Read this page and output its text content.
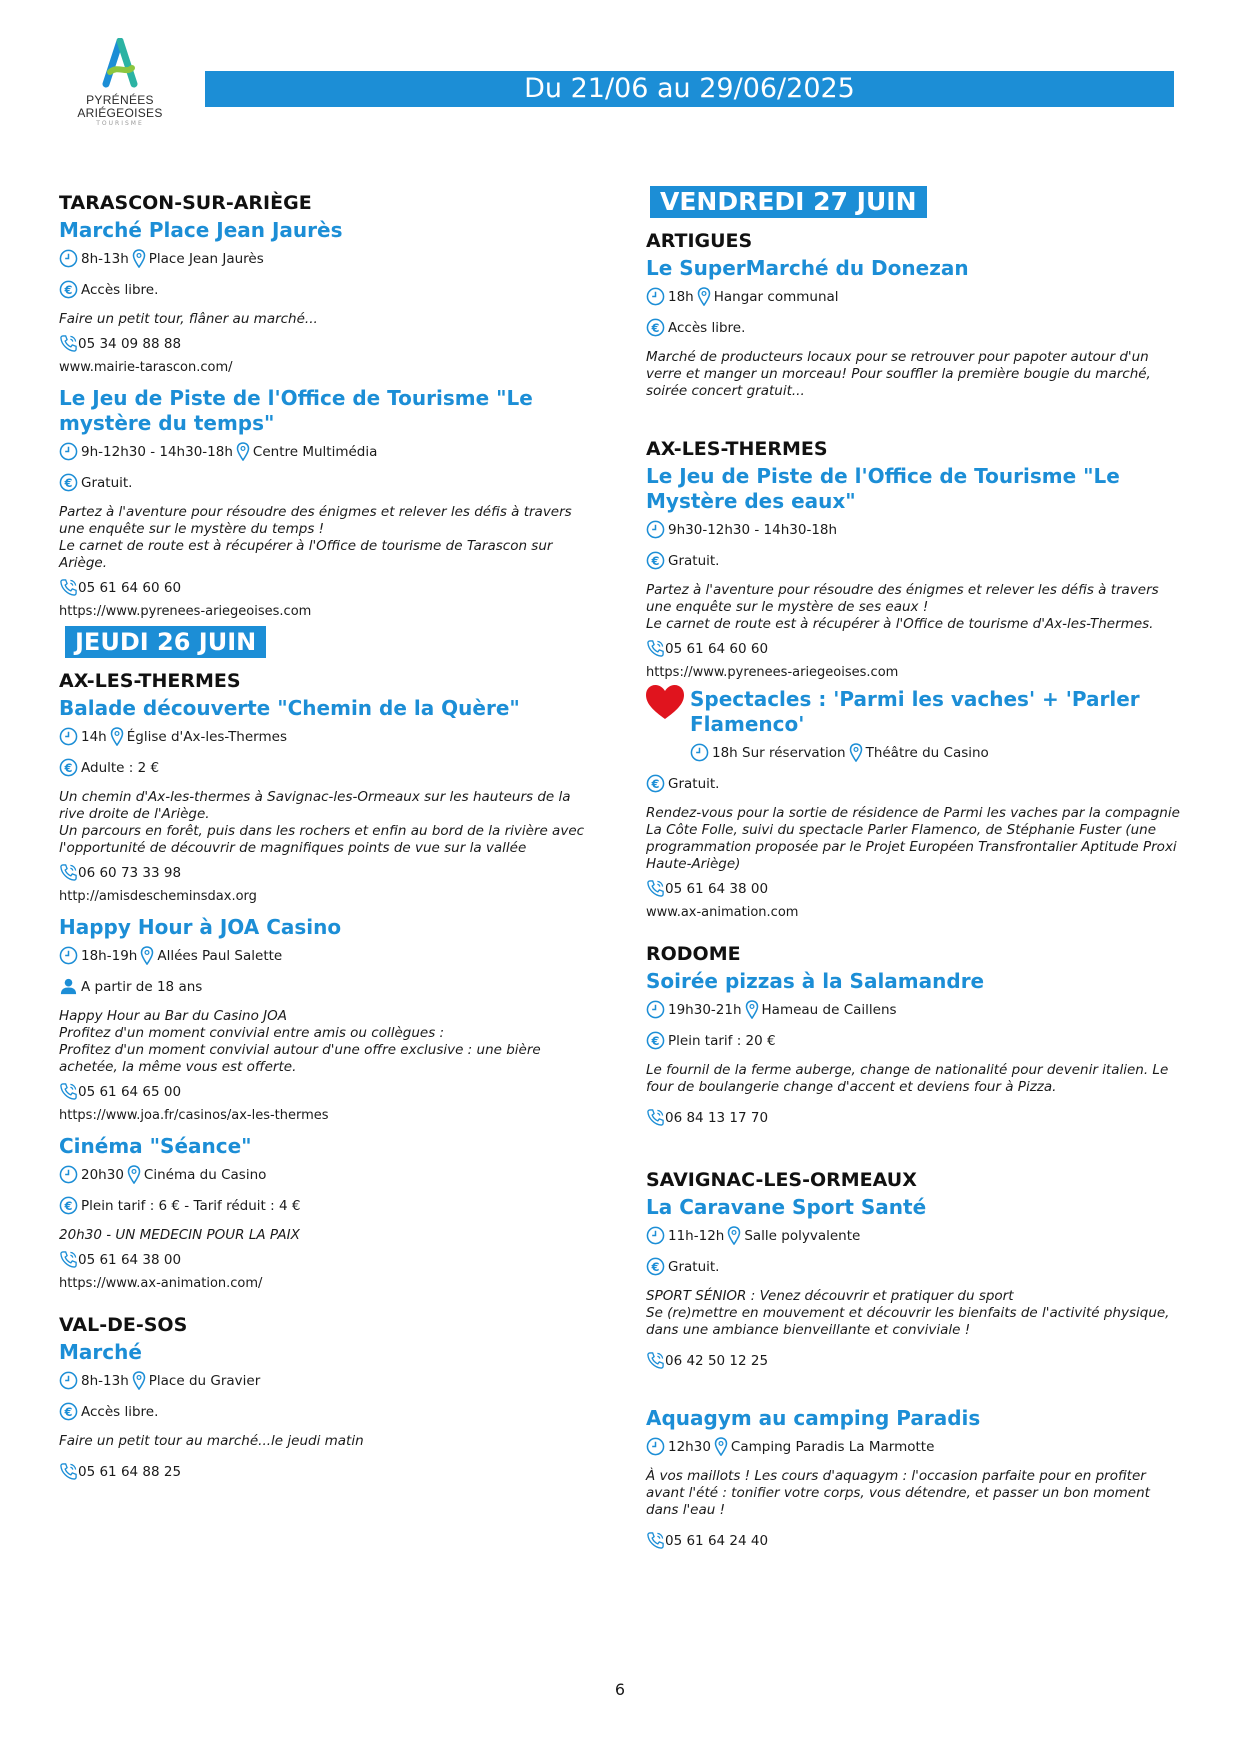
PYRÉNÉES
ARIÉGEOISES
TOURISME
Du 21/06 au 29/06/2025
TARASCON-SUR-ARIÈGE
Marché Place Jean Jaurès
8h-13h Place Jean Jaurès
Accès libre.
Faire un petit tour, flâner au marché...
05 34 09 88 88
www.mairie-tarascon.com/
Le Jeu de Piste de l'Office de Tourisme "Le mystère du temps"
9h-12h30 - 14h30-18h Centre Multimédia
Gratuit.
Partez à l'aventure pour résoudre des énigmes et relever les défis à travers une enquête sur le mystère du temps !
Le carnet de route est à récupérer à l'Office de tourisme de Tarascon sur Ariège.
05 61 64 60 60
https://www.pyrenees-ariegeoises.com
JEUDI 26 JUIN
AX-LES-THERMES
Balade découverte "Chemin de la Quère"
14h Église d'Ax-les-Thermes
Adulte : 2 €
Un chemin d'Ax-les-thermes à Savignac-les-Ormeaux sur les hauteurs de la rive droite de l'Ariège.
Un parcours en forêt, puis dans les rochers et enfin au bord de la rivière avec l'opportunité de découvrir de magnifiques points de vue sur la vallée
06 60 73 33 98
http://amisdescheminsdax.org
Happy Hour à JOA Casino
18h-19h Allées Paul Salette
A partir de 18 ans
Happy Hour au Bar du Casino JOA
Profitez d'un moment convivial entre amis ou collègues :
Profitez d'un moment convivial autour d'une offre exclusive : une bière achetée, la même vous est offerte.
05 61 64 65 00
https://www.joa.fr/casinos/ax-les-thermes
Cinéma "Séance"
20h30 Cinéma du Casino
Plein tarif : 6 € - Tarif réduit : 4 €
20h30 - UN MEDECIN POUR LA PAIX
05 61 64 38 00
https://www.ax-animation.com/
VAL-DE-SOS
Marché
8h-13h Place du Gravier
Accès libre.
Faire un petit tour au marché...le jeudi matin
05 61 64 88 25
VENDREDI 27 JUIN
ARTIGUES
Le SuperMarché du Donezan
18h Hangar communal
Accès libre.
Marché de producteurs locaux pour se retrouver pour papoter autour d'un verre et manger un morceau! Pour souffler la première bougie du marché, soirée concert gratuit...
AX-LES-THERMES
Le Jeu de Piste de l'Office de Tourisme "Le Mystère des eaux"
9h30-12h30 - 14h30-18h
Gratuit.
Partez à l'aventure pour résoudre des énigmes et relever les défis à travers une enquête sur le mystère de ses eaux !
Le carnet de route est à récupérer à l'Office de tourisme d'Ax-les-Thermes.
05 61 64 60 60
https://www.pyrenees-ariegeoises.com
Spectacles : 'Parmi les vaches' + 'Parler Flamenco'
18h Sur réservation Théâtre du Casino
Gratuit.
Rendez-vous pour la sortie de résidence de Parmi les vaches par la compagnie La Côte Folle, suivi du spectacle Parler Flamenco, de Stéphanie Fuster (une programmation proposée par le Projet Européen Transfrontalier Aptitude Proxi Haute-Ariège)
05 61 64 38 00
www.ax-animation.com
RODOME
Soirée pizzas à la Salamandre
19h30-21h Hameau de Caillens
Plein tarif : 20 €
Le fournil de la ferme auberge, change de nationalité pour devenir italien. Le four de boulangerie change d'accent et deviens four à Pizza.
06 84 13 17 70
SAVIGNAC-LES-ORMEAUX
La Caravane Sport Santé
11h-12h Salle polyvalente
Gratuit.
SPORT SÉNIOR : Venez découvrir et pratiquer du sport
Se (re)mettre en mouvement et découvrir les bienfaits de l'activité physique, dans une ambiance bienveillante et conviviale !
06 42 50 12 25
Aquagym au camping Paradis
12h30 Camping Paradis La Marmotte
À vos maillots ! Les cours d'aquagym : l'occasion parfaite pour en profiter avant l'été : tonifier votre corps, vous détendre, et passer un bon moment dans l'eau !
05 61 64 24 40
6
